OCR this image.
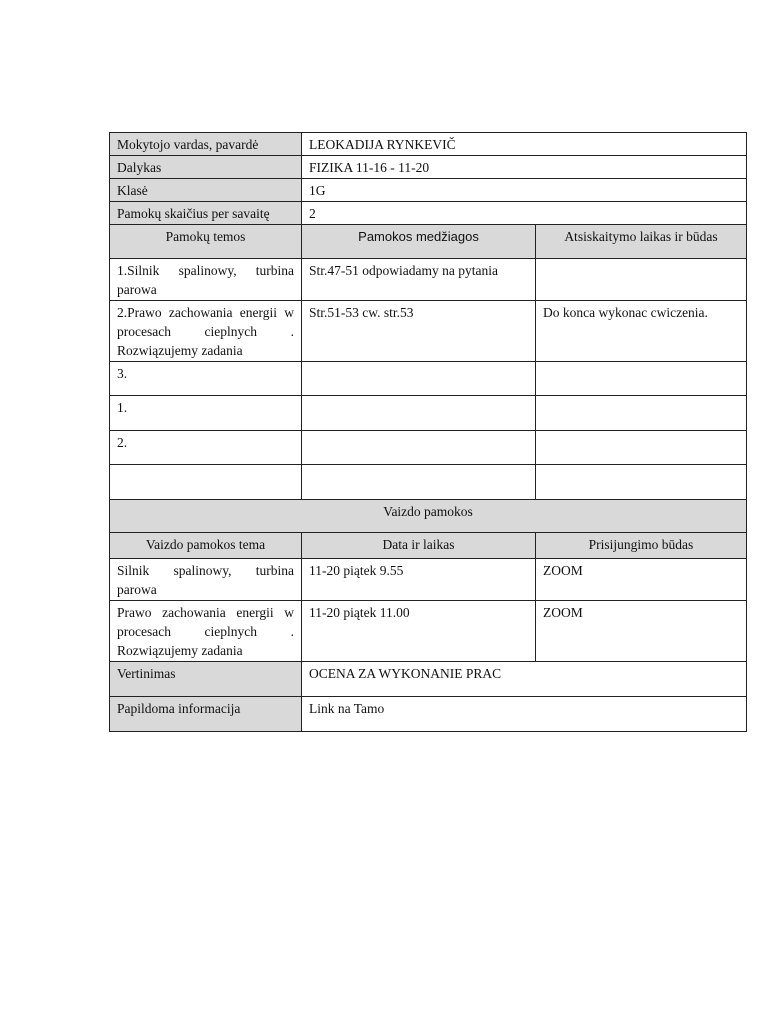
Mokytojo vardas, pavardė	LEOKADIJA RYNKEVIČ	
Dalykas	FIZIKA 11-16 - 11-20	
Klasė	1G	
Pamokų skaičius per savaitę	2	
Pamokų temos	Pamokos medžiagos	Atsiskaitymo laikas ir būdas
1.Silnik spalinowy, turbina parowa	Str.47-51 odpowiadamy na pytania	
2.Prawo zachowania energii w procesach cieplnych . Rozwiązujemy zadania	Str.51-53 cw. str.53	Do konca wykonac cwiczenia.
3.		
1.		
2.		

Vaizdo pamokos		
Vaizdo pamokos tema	Data ir laikas	Prisijungimo būdas
Silnik spalinowy, turbina parowa	11-20 piątek 9.55	ZOOM
Prawo zachowania energii w procesach cieplnych . Rozwiązujemy zadania	11-20 piątek 11.00	ZOOM
Vertinimas	OCENA ZA WYKONANIE PRAC	
Papildoma informacija	Link na Tamo	
